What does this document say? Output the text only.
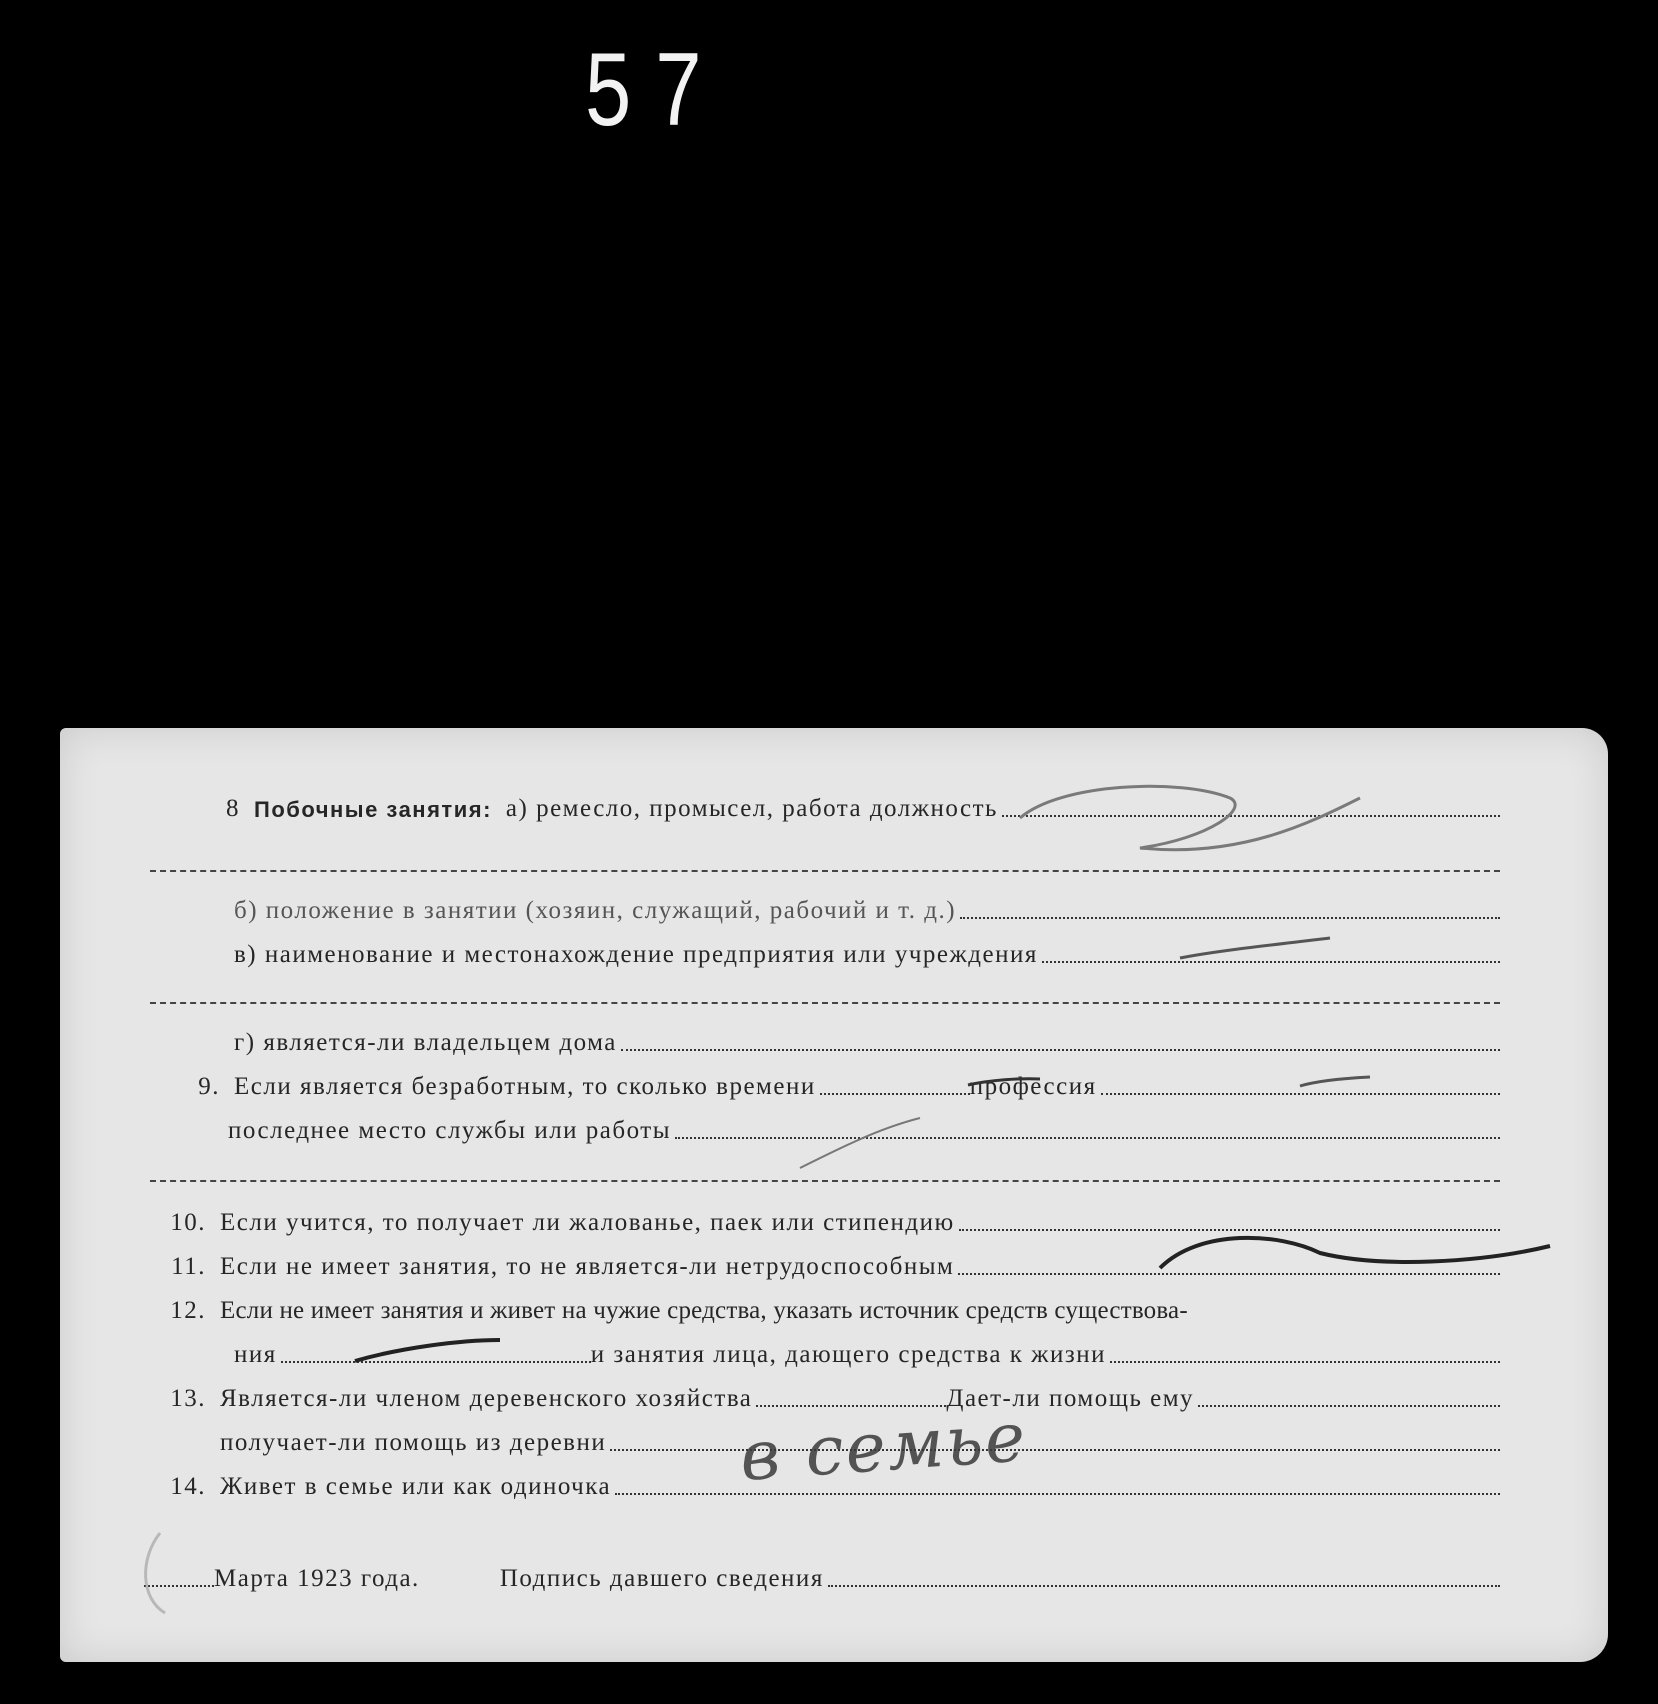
57
8 Побочные занятия: а) ремесло, промысел, работа должность
б) положение в занятии (хозяин, служащий, рабочий и т. д.)
в) наименование и местонахождение предприятия или учреждения
г) является-ли владельцем дома
9. Если является безработным, то сколько времени	профессия
последнее место службы или работы
10. Если учится, то получает ли жалованье, паек или стипендию
11. Если не имеет занятия, то не является-ли нетрудоспособным
12. Если не имеет занятия и живет на чужие средства, указать источник средств существова-
ния	и занятия лица, дающего средства к жизни
13. Является-ли членом деревенского хозяйства	Дает-ли помощь ему
получает-ли помощь из деревни
14. Живет в семье или как одиночка
Марта 1923 года.	Подпись давшего сведения
в семье
